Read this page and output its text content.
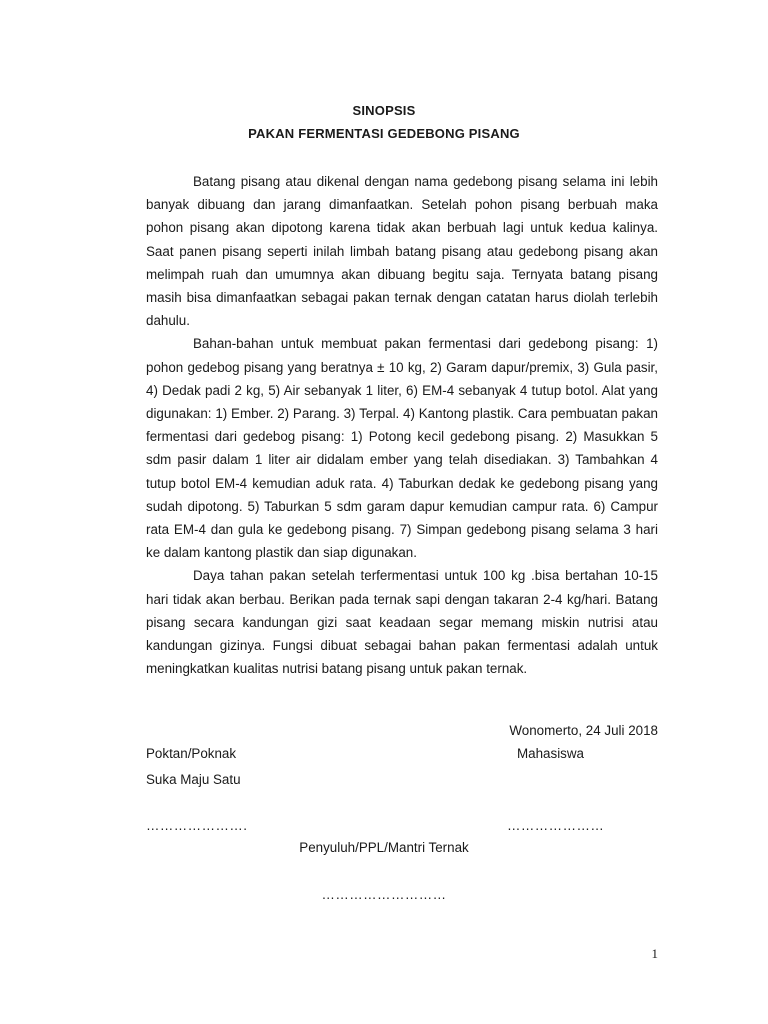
SINOPSIS
PAKAN FERMENTASI GEDEBONG PISANG

Batang pisang atau dikenal dengan nama gedebong pisang selama ini lebih banyak dibuang dan jarang dimanfaatkan. Setelah pohon pisang berbuah maka pohon pisang akan dipotong karena tidak akan berbuah lagi untuk kedua kalinya. Saat panen pisang seperti inilah limbah batang pisang atau gedebong pisang akan melimpah ruah dan umumnya akan dibuang begitu saja. Ternyata batang pisang masih bisa dimanfaatkan sebagai pakan ternak dengan catatan harus diolah terlebih dahulu.

Bahan-bahan untuk membuat pakan fermentasi dari gedebong pisang: 1) pohon gedebog pisang yang beratnya ± 10 kg, 2) Garam dapur/premix, 3) Gula pasir, 4) Dedak padi 2 kg, 5) Air sebanyak 1 liter, 6) EM-4 sebanyak 4 tutup botol. Alat yang digunakan: 1) Ember. 2) Parang. 3) Terpal. 4) Kantong plastik. Cara pembuatan pakan fermentasi dari gedebog pisang: 1) Potong kecil gedebong pisang. 2) Masukkan 5 sdm pasir dalam 1 liter air didalam ember yang telah disediakan. 3) Tambahkan 4 tutup botol EM-4 kemudian aduk rata. 4) Taburkan dedak ke gedebong pisang yang sudah dipotong. 5) Taburkan 5 sdm garam dapur kemudian campur rata. 6) Campur rata EM-4 dan gula ke gedebong pisang. 7) Simpan gedebong pisang selama 3 hari ke dalam kantong plastik dan siap digunakan.

Daya tahan pakan setelah terfermentasi untuk 100 kg .bisa bertahan 10-15 hari tidak akan berbau. Berikan pada ternak sapi dengan takaran 2-4 kg/hari. Batang pisang secara kandungan gizi saat keadaan segar memang miskin nutrisi atau kandungan gizinya. Fungsi dibuat sebagai bahan pakan fermentasi adalah untuk meningkatkan kualitas nutrisi batang pisang untuk pakan ternak.

Wonomerto, 24 Juli 2018
Poktan/Poknak	Mahasiswa
Suka Maju Satu
………………….	…………………
Penyuluh/PPL/Mantri Ternak
………………………
1
